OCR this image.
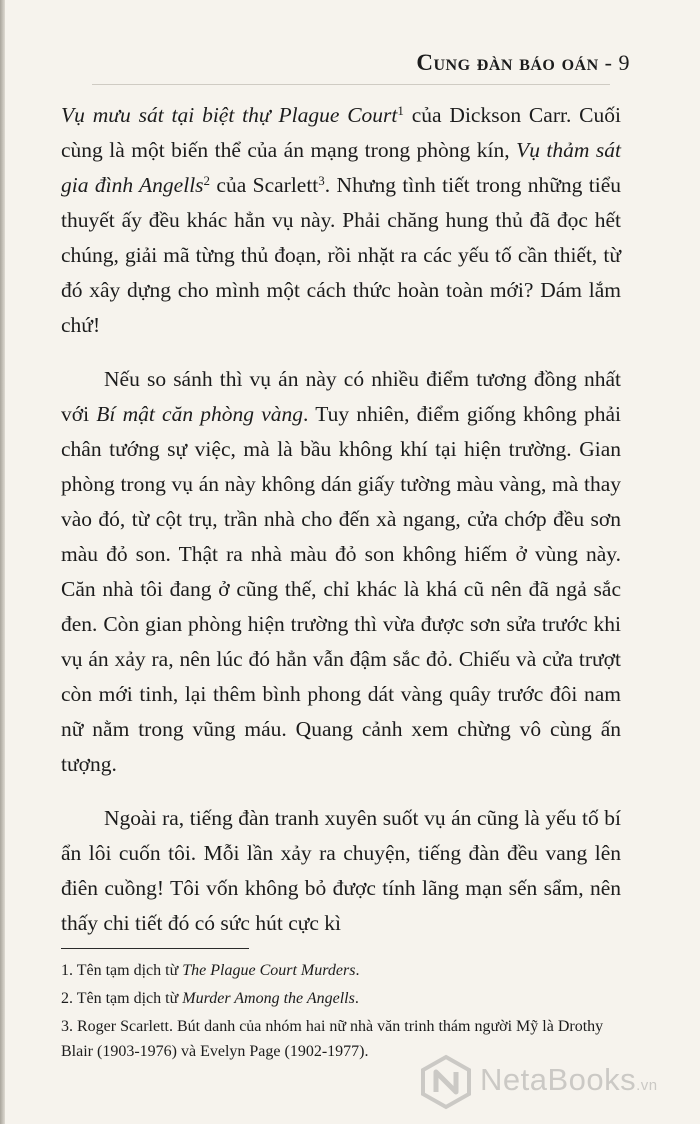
Cung đàn báo oán - 9

Vụ mưu sát tại biệt thự Plague Court$^1$ của Dickson Carr. Cuối cùng là một biến thể của án mạng trong phòng kín, Vụ thảm sát gia đình Angells$^2$ của Scarlett$^3$. Nhưng tình tiết trong những tiểu thuyết ấy đều khác hẳn vụ này. Phải chăng hung thủ đã đọc hết chúng, giải mã từng thủ đoạn, rồi nhặt ra các yếu tố cần thiết, từ đó xây dựng cho mình một cách thức hoàn toàn mới? Dám lắm chứ!

Nếu so sánh thì vụ án này có nhiều điểm tương đồng nhất với Bí mật căn phòng vàng. Tuy nhiên, điểm giống không phải chân tướng sự việc, mà là bầu không khí tại hiện trường. Gian phòng trong vụ án này không dán giấy tường màu vàng, mà thay vào đó, từ cột trụ, trần nhà cho đến xà ngang, cửa chớp đều sơn màu đỏ son. Thật ra nhà màu đỏ son không hiếm ở vùng này. Căn nhà tôi đang ở cũng thế, chỉ khác là khá cũ nên đã ngả sắc đen. Còn gian phòng hiện trường thì vừa được sơn sửa trước khi vụ án xảy ra, nên lúc đó hẳn vẫn đậm sắc đỏ. Chiếu và cửa trượt còn mới tinh, lại thêm bình phong dát vàng quây trước đôi nam nữ nằm trong vũng máu. Quang cảnh xem chừng vô cùng ấn tượng.

Ngoài ra, tiếng đàn tranh xuyên suốt vụ án cũng là yếu tố bí ẩn lôi cuốn tôi. Mỗi lần xảy ra chuyện, tiếng đàn đều vang lên điên cuồng! Tôi vốn không bỏ được tính lãng mạn sến sẩm, nên thấy chi tiết đó có sức hút cực kì

1. Tên tạm dịch từ The Plague Court Murders.
2. Tên tạm dịch từ Murder Among the Angells.
3. Roger Scarlett. Bút danh của nhóm hai nữ nhà văn trinh thám người Mỹ là Drothy Blair (1903-1976) và Evelyn Page (1902-1977).
NetaBooks.vn
